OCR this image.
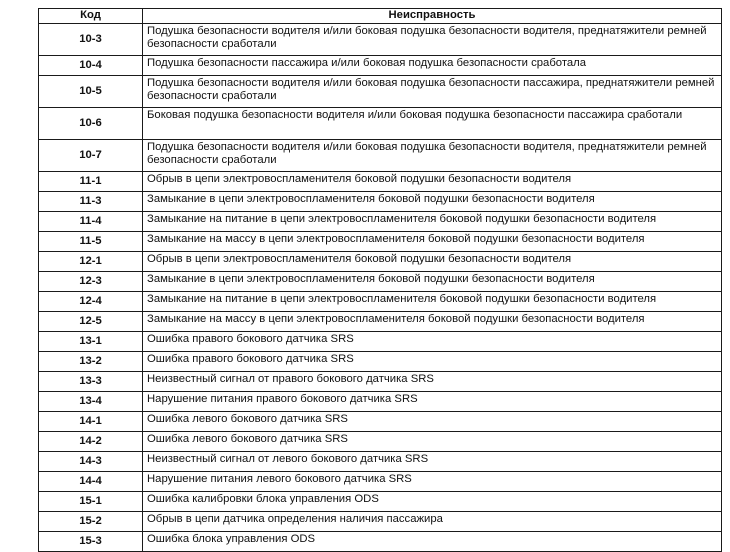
Код	Неисправность
10-3	Подушка безопасности водителя и/или боковая подушка безопасности водителя, преднатяжители ремней безопасности сработали
10-4	Подушка безопасности пассажира и/или боковая подушка безопасности сработала
10-5	Подушка безопасности водителя и/или боковая подушка безопасности пассажира, преднатяжители ремней безопасности сработали
10-6	Боковая подушка безопасности водителя и/или боковая подушка безопасности пассажира сработали
10-7	Подушка безопасности водителя и/или боковая подушка безопасности водителя, преднатяжители ремней безопасности сработали
11-1	Обрыв в цепи электровоспламенителя боковой подушки безопасности водителя
11-3	Замыкание в цепи электровоспламенителя боковой подушки безопасности водителя
11-4	Замыкание на питание в цепи электровоспламенителя боковой подушки безопасности водителя
11-5	Замыкание на массу в цепи электровоспламенителя боковой подушки безопасности водителя
12-1	Обрыв в цепи электровоспламенителя боковой подушки безопасности водителя
12-3	Замыкание в цепи электровоспламенителя боковой подушки безопасности водителя
12-4	Замыкание на питание в цепи электровоспламенителя боковой подушки безопасности водителя
12-5	Замыкание на массу в цепи электровоспламенителя боковой подушки безопасности водителя
13-1	Ошибка правого бокового датчика SRS
13-2	Ошибка правого бокового датчика SRS
13-3	Неизвестный сигнал от правого бокового датчика SRS
13-4	Нарушение питания правого бокового датчика SRS
14-1	Ошибка левого бокового датчика SRS
14-2	Ошибка левого бокового датчика SRS
14-3	Неизвестный сигнал от левого бокового датчика SRS
14-4	Нарушение питания левого бокового датчика SRS
15-1	Ошибка калибровки блока управления ODS
15-2	Обрыв в цепи датчика определения наличия пассажира
15-3	Ошибка блока управления ODS
